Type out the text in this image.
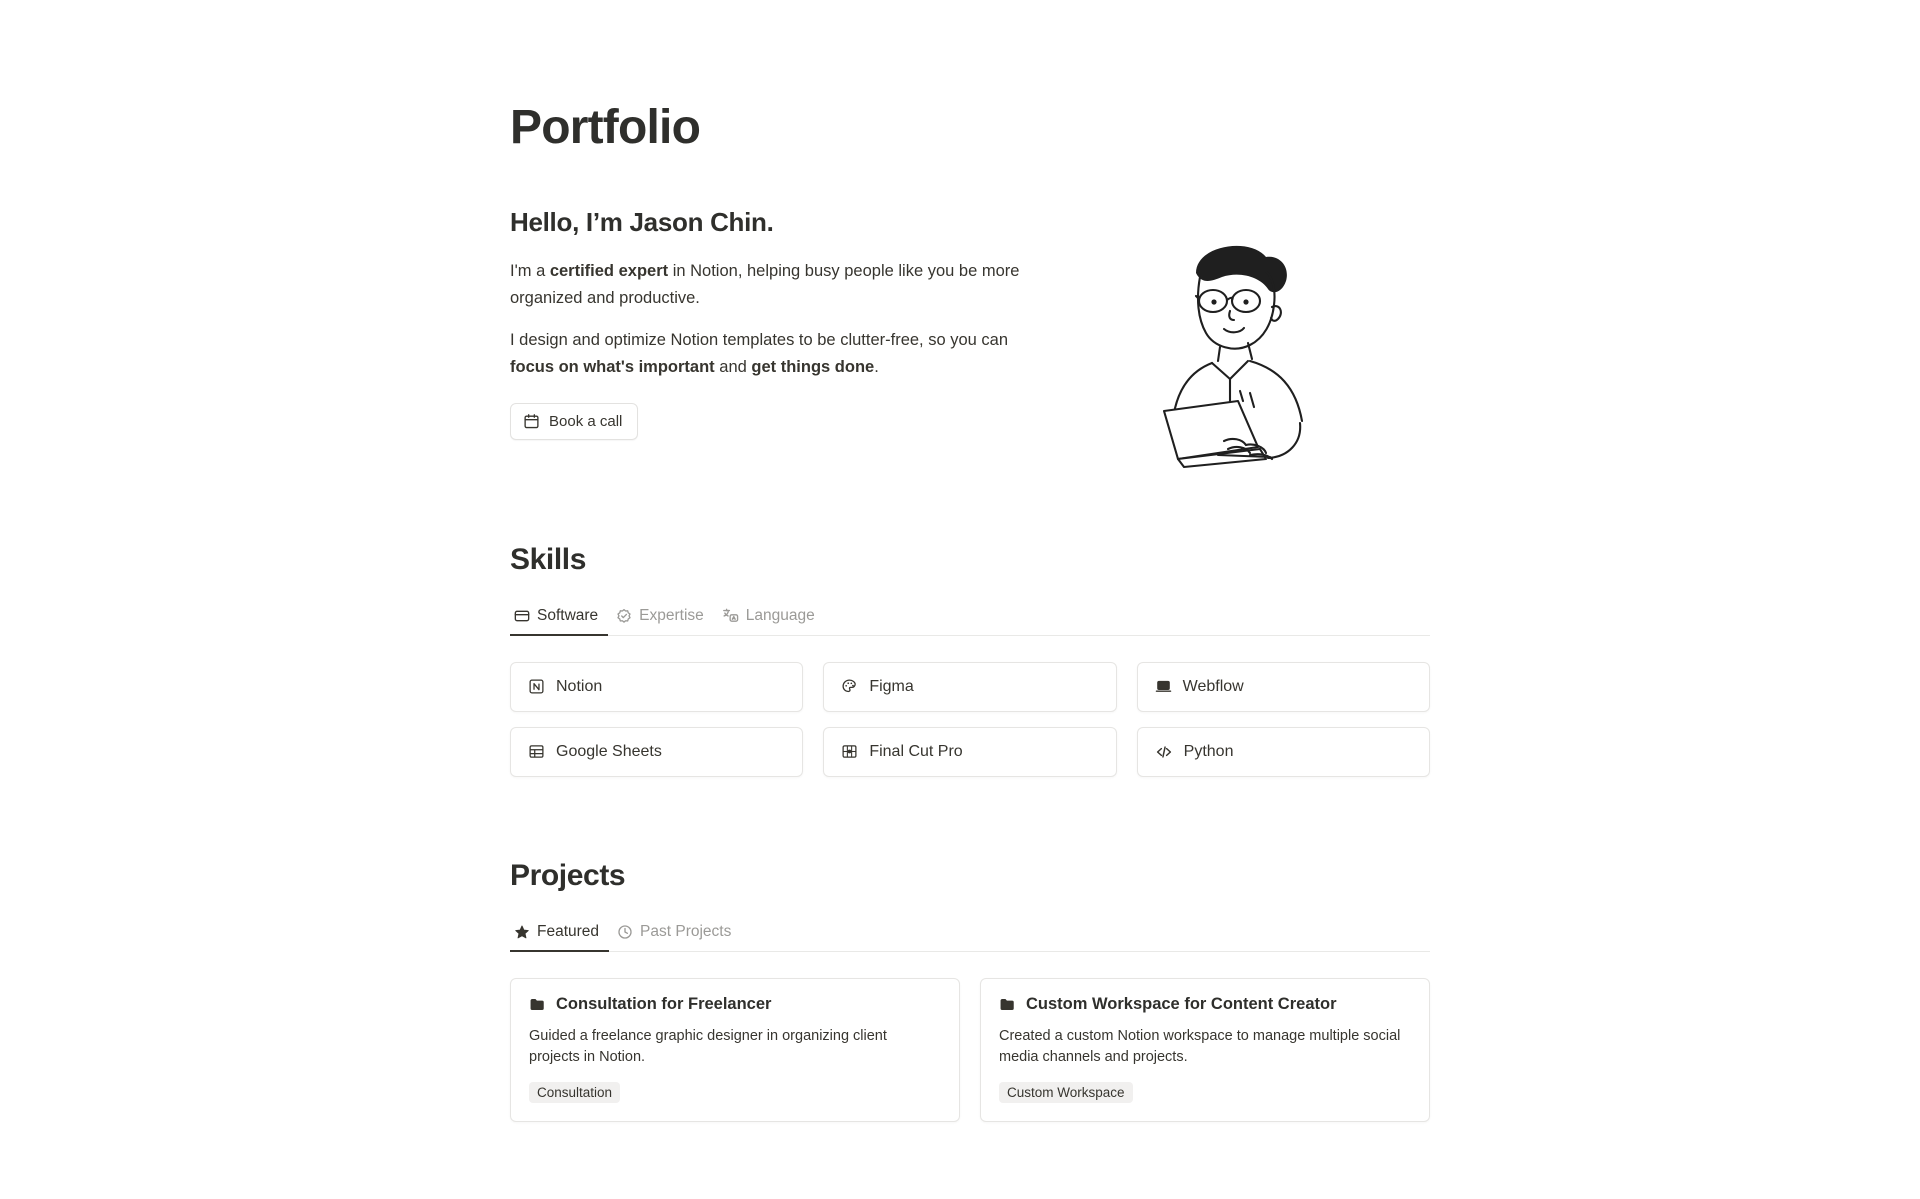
Portfolio
Hello, I’m Jason Chin.

I'm a certified expert in Notion, helping busy people like you be more organized and productive.

I design and optimize Notion templates to be clutter-free, so you can focus on what's important and get things done.

Book a call
Skills
Software	Expertise	Language
Notion	Figma	Webflow
Google Sheets	Final Cut Pro	Python
Projects
Featured	Past Projects
Consultation for Freelancer

Guided a freelance graphic designer in organizing client projects in Notion.

Consultation
Custom Workspace for Content Creator

Created a custom Notion workspace to manage multiple social media channels and projects.

Custom Workspace
